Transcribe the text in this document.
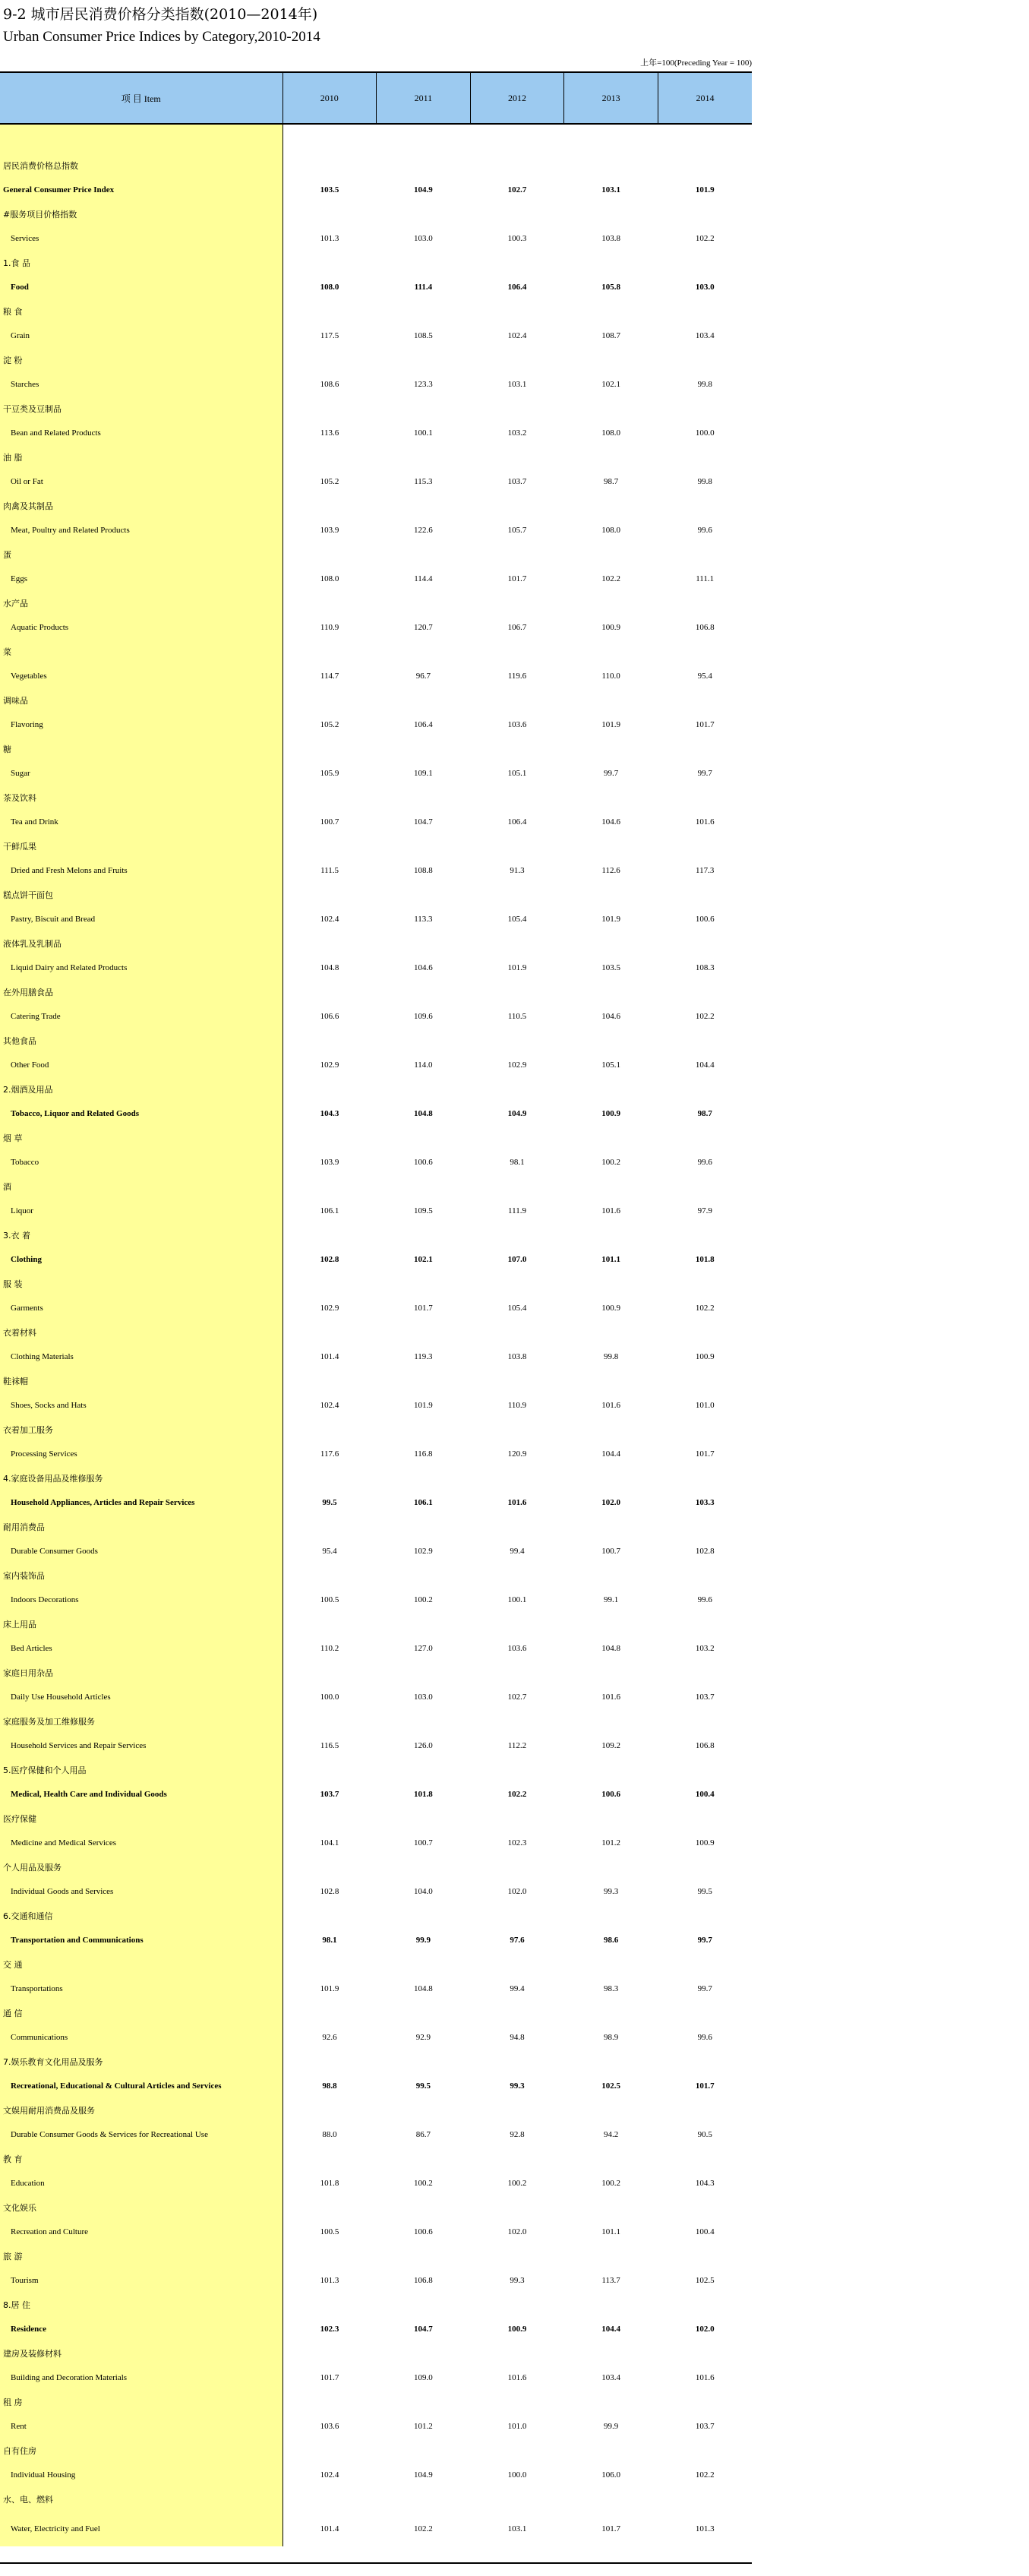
9-2 城市居民消费价格分类指数(2010—2014年)
Urban Consumer Price Indices by Category,2010-2014
上年=100(Preceding Year = 100)
项 目 Item	2010	2011	2012	2013	2014

居民消费价格总指数					
General Consumer Price Index	103.5	104.9	102.7	103.1	101.9
#服务项目价格指数					
Services	101.3	103.0	100.3	103.8	102.2
1.食 品					
Food	108.0	111.4	106.4	105.8	103.0
粮 食					
Grain	117.5	108.5	102.4	108.7	103.4
淀 粉					
Starches	108.6	123.3	103.1	102.1	99.8
干豆类及豆制品					
Bean and Related Products	113.6	100.1	103.2	108.0	100.0
油 脂					
Oil or Fat	105.2	115.3	103.7	98.7	99.8
肉禽及其制品					
Meat, Poultry and Related Products	103.9	122.6	105.7	108.0	99.6
蛋					
Eggs	108.0	114.4	101.7	102.2	111.1
水产品					
Aquatic Products	110.9	120.7	106.7	100.9	106.8
菜					
Vegetables	114.7	96.7	119.6	110.0	95.4
调味品					
Flavoring	105.2	106.4	103.6	101.9	101.7
糖					
Sugar	105.9	109.1	105.1	99.7	99.7
茶及饮料					
Tea and Drink	100.7	104.7	106.4	104.6	101.6
干鲜瓜果					
Dried and Fresh Melons and Fruits	111.5	108.8	91.3	112.6	117.3
糕点饼干面包					
Pastry, Biscuit and Bread	102.4	113.3	105.4	101.9	100.6
液体乳及乳制品					
Liquid Dairy and Related Products	104.8	104.6	101.9	103.5	108.3
在外用膳食品					
Catering Trade	106.6	109.6	110.5	104.6	102.2
其他食品					
Other Food	102.9	114.0	102.9	105.1	104.4
2.烟酒及用品					
Tobacco, Liquor and Related Goods	104.3	104.8	104.9	100.9	98.7
烟 草					
Tobacco	103.9	100.6	98.1	100.2	99.6
酒					
Liquor	106.1	109.5	111.9	101.6	97.9
3.衣 着					
Clothing	102.8	102.1	107.0	101.1	101.8
服 装					
Garments	102.9	101.7	105.4	100.9	102.2
衣着材料					
Clothing Materials	101.4	119.3	103.8	99.8	100.9
鞋袜帽					
Shoes, Socks and Hats	102.4	101.9	110.9	101.6	101.0
衣着加工服务					
Processing Services	117.6	116.8	120.9	104.4	101.7
4.家庭设备用品及维修服务					
Household Appliances, Articles and Repair Services	99.5	106.1	101.6	102.0	103.3
耐用消费品					
Durable Consumer Goods	95.4	102.9	99.4	100.7	102.8
室内装饰品					
Indoors Decorations	100.5	100.2	100.1	99.1	99.6
床上用品					
Bed Articles	110.2	127.0	103.6	104.8	103.2
家庭日用杂品					
Daily Use Household Articles	100.0	103.0	102.7	101.6	103.7
家庭服务及加工维修服务					
Household Services and Repair Services	116.5	126.0	112.2	109.2	106.8
5.医疗保健和个人用品					
Medical, Health Care and Individual Goods	103.7	101.8	102.2	100.6	100.4
医疗保健					
Medicine and Medical Services	104.1	100.7	102.3	101.2	100.9
个人用品及服务					
Individual Goods and Services	102.8	104.0	102.0	99.3	99.5
6.交通和通信					
Transportation and Communications	98.1	99.9	97.6	98.6	99.7
交 通					
Transportations	101.9	104.8	99.4	98.3	99.7
通 信					
Communications	92.6	92.9	94.8	98.9	99.6
7.娱乐教育文化用品及服务					
Recreational, Educational & Cultural Articles and Services	98.8	99.5	99.3	102.5	101.7
文娱用耐用消费品及服务					
Durable Consumer Goods & Services for Recreational Use	88.0	86.7	92.8	94.2	90.5
教 育					
Education	101.8	100.2	100.2	100.2	104.3
文化娱乐					
Recreation and Culture	100.5	100.6	102.0	101.1	100.4
旅 游					
Tourism	101.3	106.8	99.3	113.7	102.5
8.居 住					
Residence	102.3	104.7	100.9	104.4	102.0
建房及装修材料					
Building and Decoration Materials	101.7	109.0	101.6	103.4	101.6
租 房					
Rent	103.6	101.2	101.0	99.9	103.7
自有住房					
Individual Housing	102.4	104.9	100.0	106.0	102.2
水、电、燃料					
Water, Electricity and Fuel	101.4	102.2	103.1	101.7	101.3
